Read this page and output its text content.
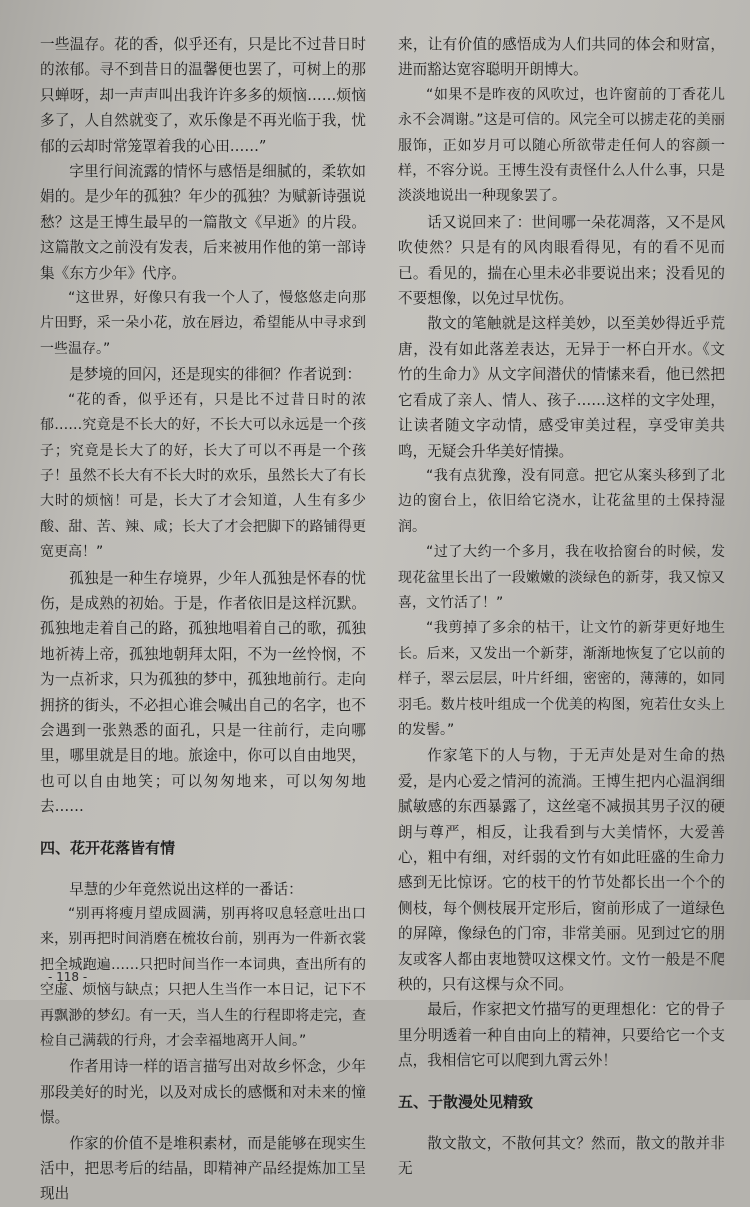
一些温存。花的香，似乎还有，只是比不过昔日时的浓郁。寻不到昔日的温馨便也罢了，可树上的那只蝉呀，却一声声叫出我许许多多的烦恼……烦恼多了，人自然就变了，欢乐像是不再光临于我，忧郁的云却时常笼罩着我的心田……”

字里行间流露的情怀与感悟是细腻的，柔软如娟的。是少年的孤独？年少的孤独？为赋新诗强说愁？这是王博生最早的一篇散文《早逝》的片段。这篇散文之前没有发表，后来被用作他的第一部诗集《东方少年》代序。

“这世界，好像只有我一个人了，慢悠悠走向那片田野，采一朵小花，放在唇边，希望能从中寻求到一些温存。”

是梦境的回闪，还是现实的徘徊？作者说到：

“花的香，似乎还有，只是比不过昔日时的浓郁……究竟是不长大的好，不长大可以永远是一个孩子；究竟是长大了的好，长大了可以不再是一个孩子！虽然不长大有不长大时的欢乐，虽然长大了有长大时的烦恼！可是，长大了才会知道，人生有多少酸、甜、苦、辣、咸；长大了才会把脚下的路铺得更宽更高！”

孤独是一种生存境界，少年人孤独是怀春的忧伤，是成熟的初始。于是，作者依旧是这样沉默。孤独地走着自己的路，孤独地唱着自己的歌，孤独地祈祷上帝，孤独地朝拜太阳，不为一丝怜悯，不为一点祈求，只为孤独的梦中，孤独地前行。走向拥挤的街头，不必担心谁会喊出自己的名字，也不会遇到一张熟悉的面孔，只是一往前行，走向哪里，哪里就是目的地。旅途中，你可以自由地哭，也可以自由地笑；可以匆匆地来，可以匆匆地去……

四、花开花落皆有情

早慧的少年竟然说出这样的一番话：

“别再将瘦月望成圆满，别再将叹息轻意吐出口来，别再把时间消磨在梳妆台前，别再为一件新衣裳把全城跑遍……只把时间当作一本词典，查出所有的空虚、烦恼与缺点；只把人生当作一本日记，记下不再飘渺的梦幻。有一天，当人生的行程即将走完，查检自己满载的行舟，才会幸福地离开人间。”

作者用诗一样的语言描写出对故乡怀念，少年那段美好的时光，以及对成长的感慨和对未来的憧憬。

作家的价值不是堆积素材，而是能够在现实生活中，把思考后的结晶，即精神产品经提炼加工呈现出

来，让有价值的感悟成为人们共同的体会和财富，进而豁达宽容聪明开朗博大。

“如果不是昨夜的风吹过，也许窗前的丁香花儿永不会凋谢。”这是可信的。风完全可以掳走花的美丽服饰，正如岁月可以随心所欲带走任何人的容颜一样，不容分说。王博生没有责怪什么人什么事，只是淡淡地说出一种现象罢了。

话又说回来了：世间哪一朵花凋落，又不是风吹使然？只是有的风肉眼看得见，有的看不见而已。看见的，揣在心里未必非要说出来；没看见的不要想像，以免过早忧伤。

散文的笔触就是这样美妙，以至美妙得近乎荒唐，没有如此落差表达，无异于一杯白开水。《文竹的生命力》从文字间潜伏的情愫来看，他已然把它看成了亲人、情人、孩子……这样的文字处理，让读者随文字动情，感受审美过程，享受审美共鸣，无疑会升华美好情操。

“我有点犹豫，没有同意。把它从案头移到了北边的窗台上，依旧给它浇水，让花盆里的土保持湿润。

“过了大约一个多月，我在收拾窗台的时候，发现花盆里长出了一段嫩嫩的淡绿色的新芽，我又惊又喜，文竹活了！”

“我剪掉了多余的枯干，让文竹的新芽更好地生长。后来，又发出一个新芽，渐渐地恢复了它以前的样子，翠云层层，叶片纤细，密密的，薄薄的，如同羽毛。数片枝叶组成一个优美的构图，宛若仕女头上的发髻。”

作家笔下的人与物，于无声处是对生命的热爱，是内心爱之情河的流淌。王博生把内心温润细腻敏感的东西暴露了，这丝毫不减损其男子汉的硬朗与尊严，相反，让我看到与大美情怀，大爱善心，粗中有细，对纤弱的文竹有如此旺盛的生命力感到无比惊讶。它的枝干的竹节处都长出一个个的侧枝，每个侧枝展开定形后，窗前形成了一道绿色的屏障，像绿色的门帘，非常美丽。见到过它的朋友或客人都由衷地赞叹这棵文竹。文竹一般是不爬秧的，只有这棵与众不同。

最后，作家把文竹描写的更理想化：它的骨子里分明透着一种自由向上的精神，只要给它一个支点，我相信它可以爬到九霄云外！

五、于散漫处见精致

散文散文，不散何其文？然而，散文的散并非无

- 118 -
